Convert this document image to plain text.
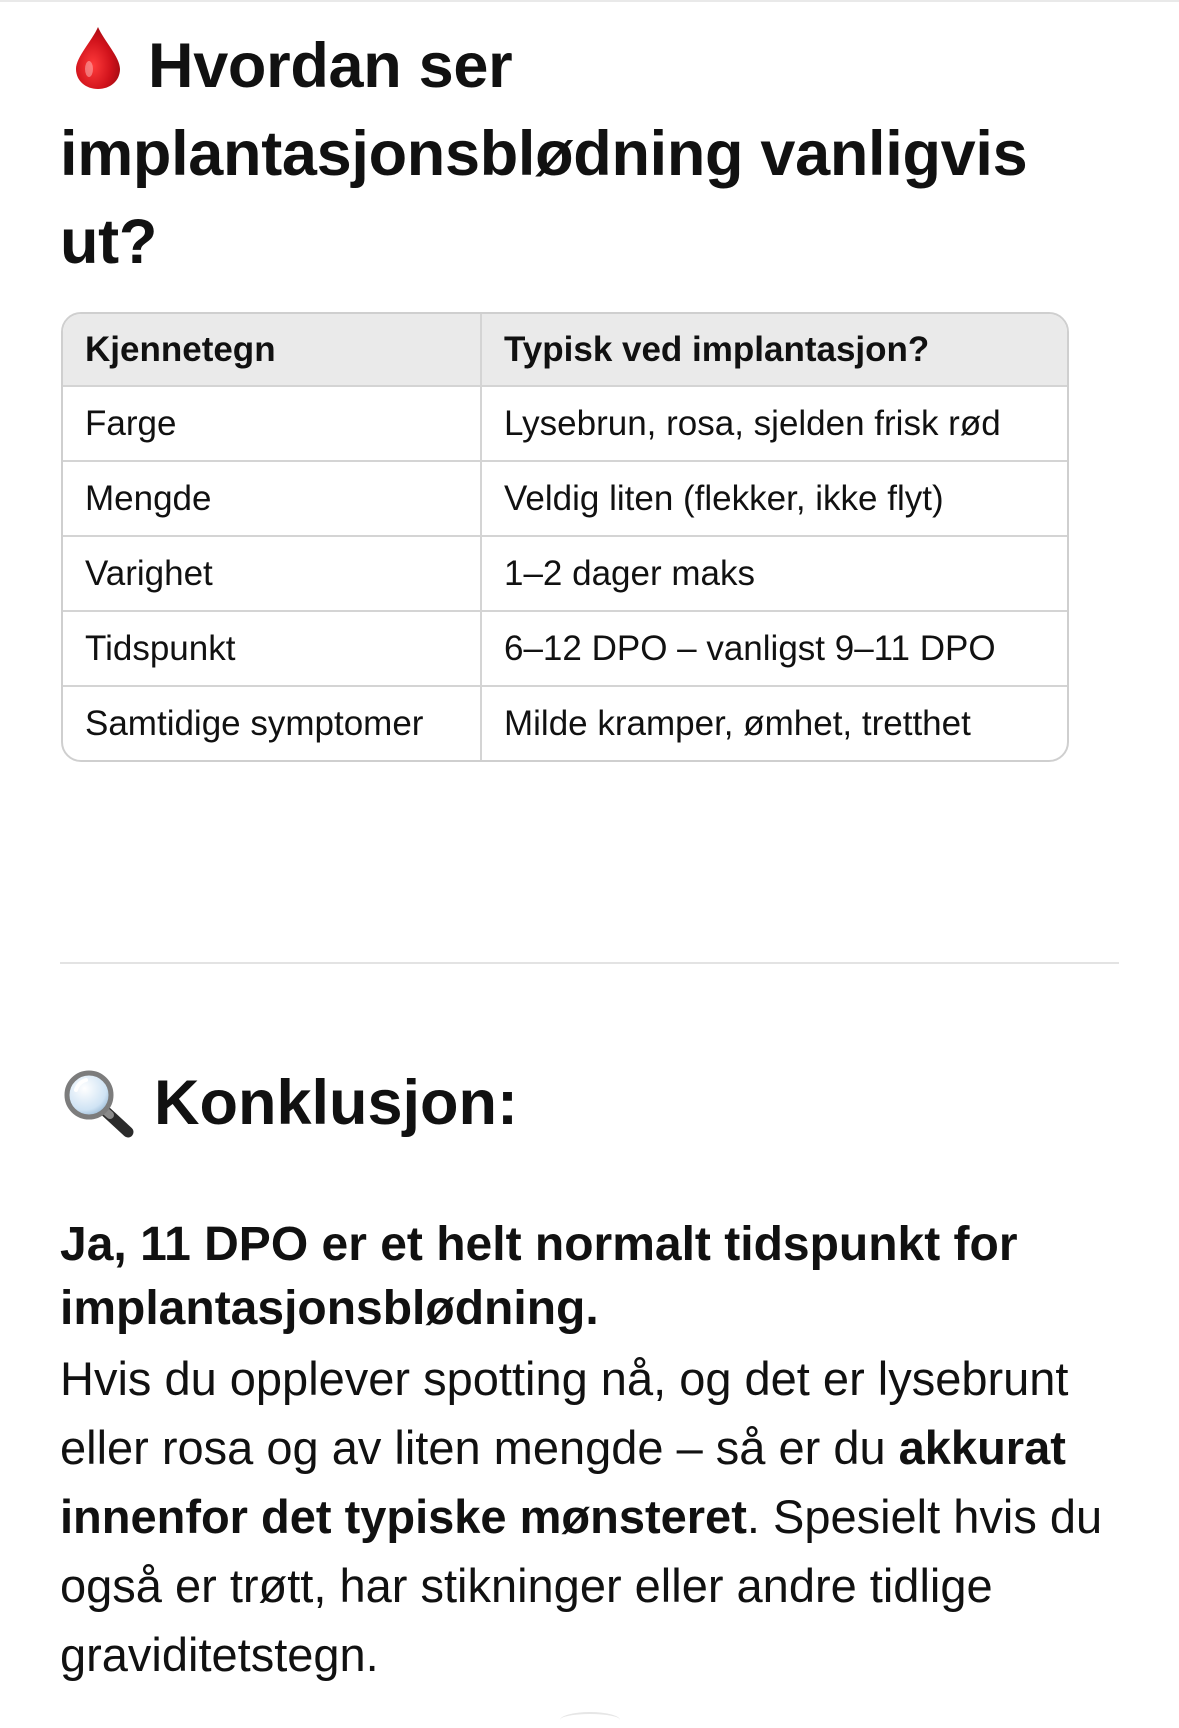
Hvordan ser implantasjonsblødning vanligvis ut?
Kjennetegn	Typisk ved implantasjon?
Farge	Lysebrun, rosa, sjelden frisk rød
Mengde	Veldig liten (flekker, ikke flyt)
Varighet	1–2 dager maks
Tidspunkt	6–12 DPO – vanligst 9–11 DPO
Samtidige symptomer	Milde kramper, ømhet, tretthet
Konklusjon:

Ja, 11 DPO er et helt normalt tidspunkt for implantasjonsblødning.

Hvis du opplever spotting nå, og det er lysebrunt eller rosa og av liten mengde – så er du akkurat innenfor det typiske mønsteret. Spesielt hvis du også er trøtt, har stikninger eller andre tidlige graviditetstegn.
